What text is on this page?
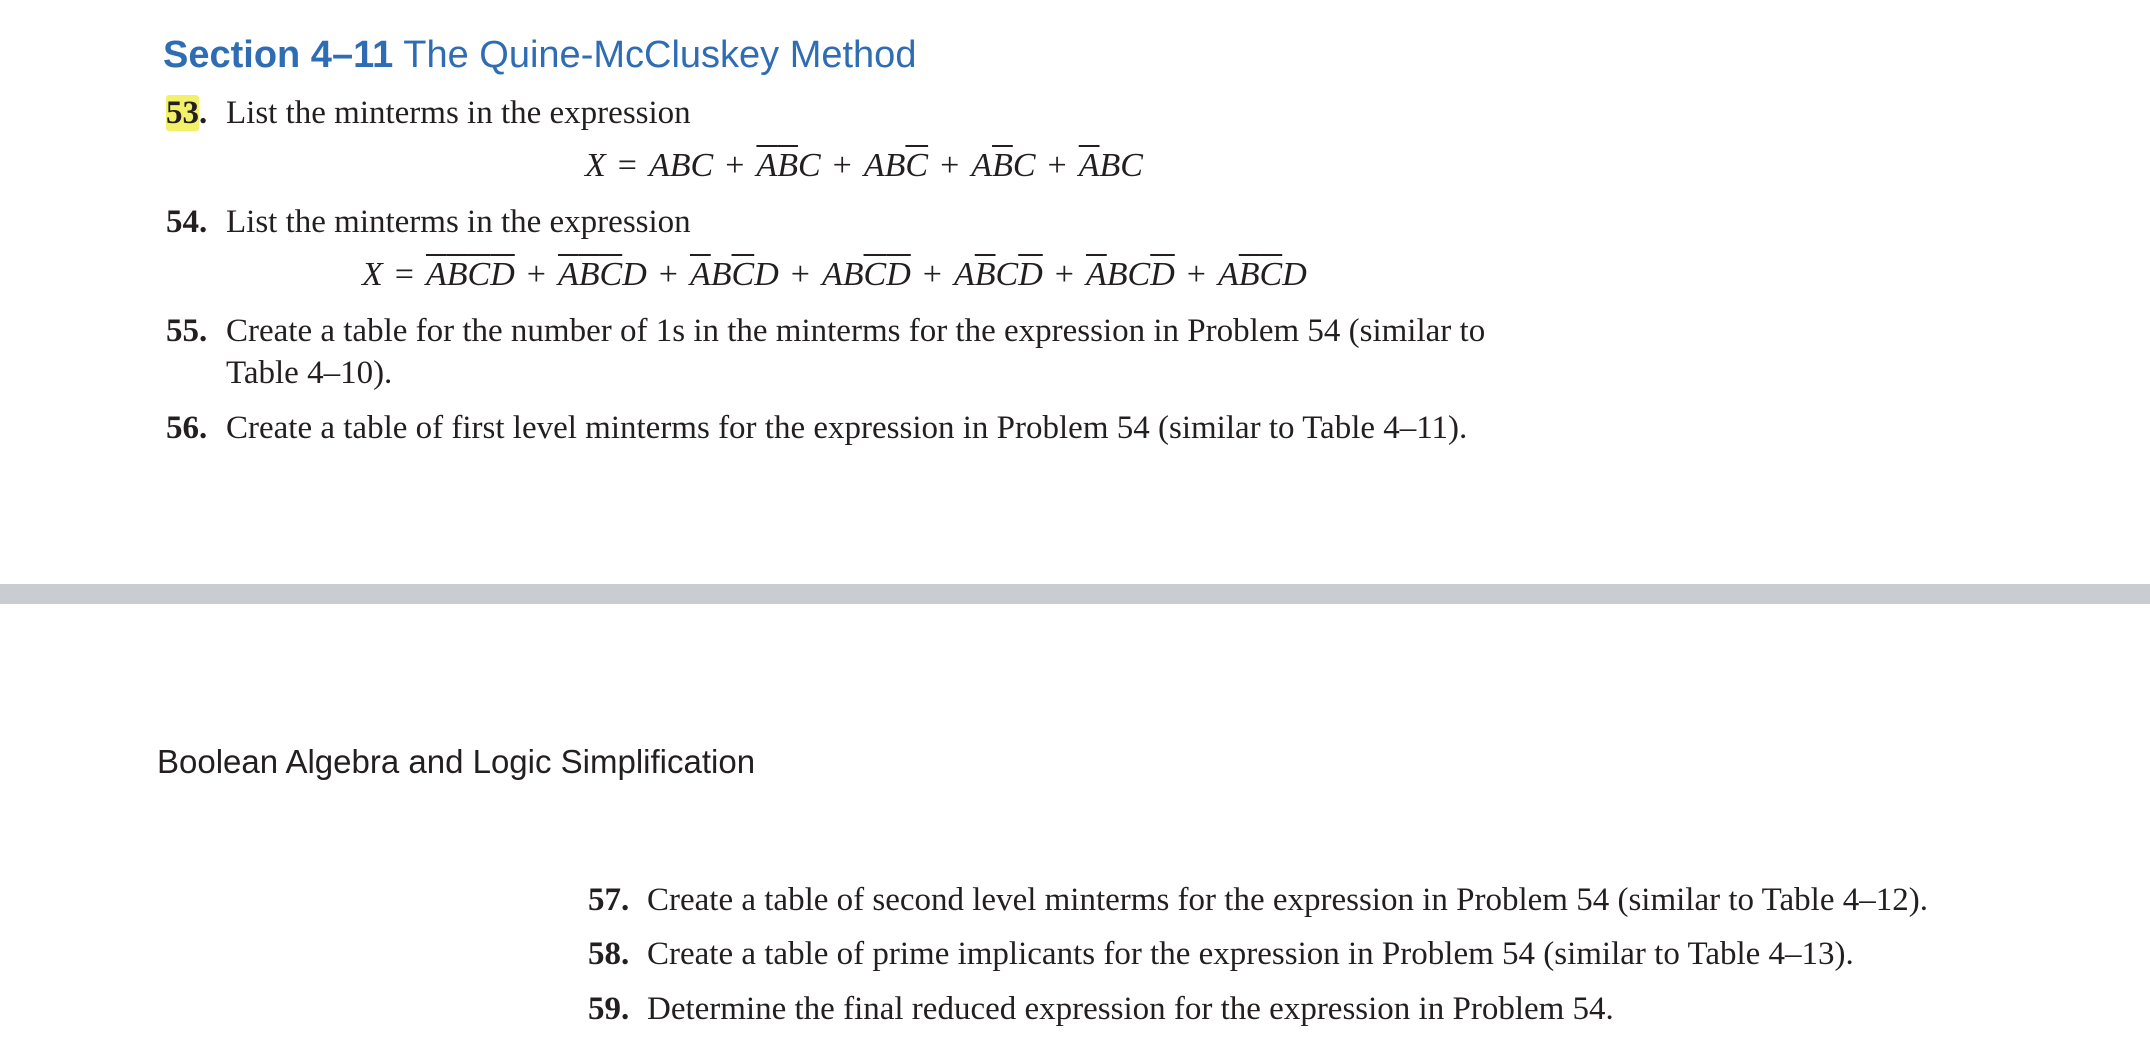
Section 4–11 The Quine-McCluskey Method
53. List the minterms in the expression
X = ABC + $\overline{A}\overline{B}C + AB\overline{C} + A\overline{B}C + \overline{A}BC$
54. List the minterms in the expression
$X = \overline{A}\overline{B}\overline{C}\overline{D} + \overline{A}\overline{B}\overline{C}D + \overline{A}B\overline{C}D + AB\overline{C}\overline{D} + A\overline{B}C\overline{D} + \overline{A}BC\overline{D} + A\overline{B}\overline{C}D$
55. Create a table for the number of 1s in the minterms for the expression in Problem 54 (similar to
Table 4–10).
56. Create a table of first level minterms for the expression in Problem 54 (similar to Table 4–11).
Boolean Algebra and Logic Simplification
57. Create a table of second level minterms for the expression in Problem 54 (similar to Table 4–12).
58. Create a table of prime implicants for the expression in Problem 54 (similar to Table 4–13).
59. Determine the final reduced expression for the expression in Problem 54.
